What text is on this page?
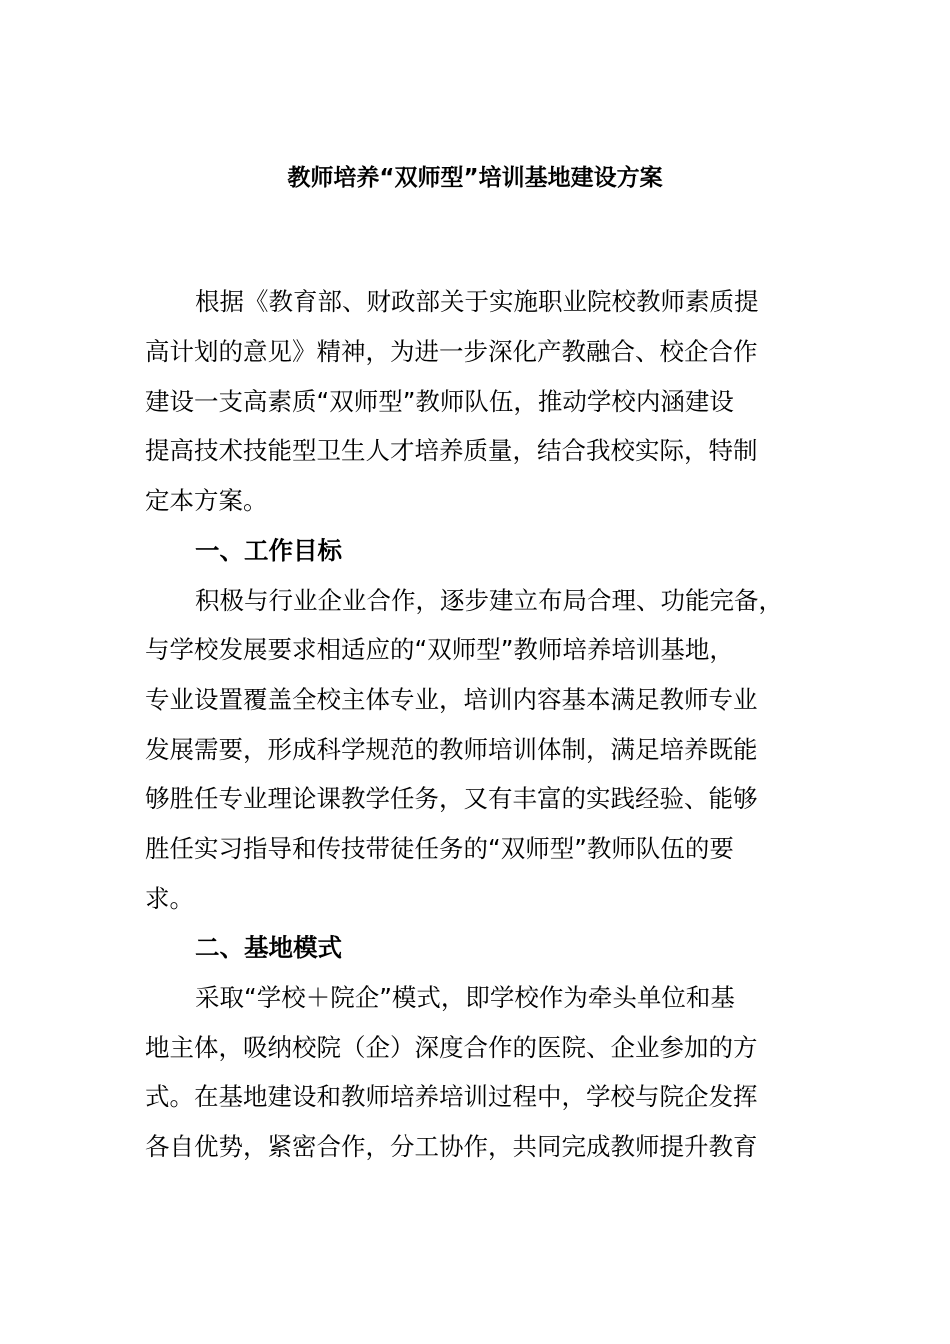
教师培养“双师型”培训基地建设方案
根据《教育部、财政部关于实施职业院校教师素质提
高计划的意见》精神，为进一步深化产教融合、校企合作
建设一支高素质“双师型”教师队伍，推动学校内涵建设
提高技术技能型卫生人才培养质量，结合我校实际，特制
定本方案。
一、工作目标
积极与行业企业合作，逐步建立布局合理、功能完备，
与学校发展要求相适应的“双师型”教师培养培训基地，
专业设置覆盖全校主体专业，培训内容基本满足教师专业
发展需要，形成科学规范的教师培训体制，满足培养既能
够胜任专业理论课教学任务，又有丰富的实践经验、能够
胜任实习指导和传技带徒任务的“双师型”教师队伍的要
求。
二、基地模式
采取“学校＋院企”模式，即学校作为牵头单位和基
地主体，吸纳校院（企）深度合作的医院、企业参加的方
式。在基地建设和教师培养培训过程中，学校与院企发挥
各自优势，紧密合作，分工协作，共同完成教师提升教育
